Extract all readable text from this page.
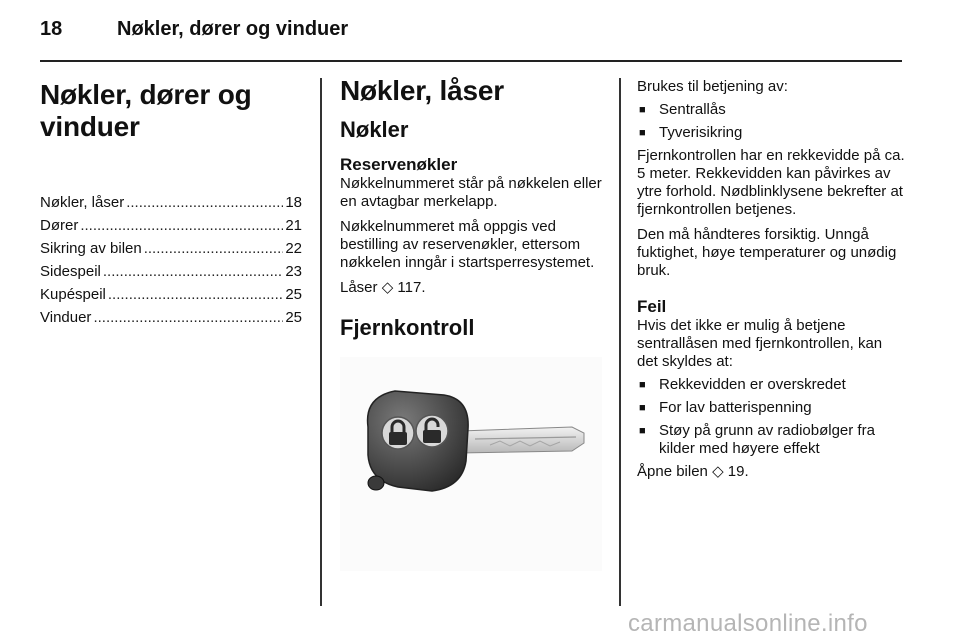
18	Nøkler, dører og vinduer
Nøkler, dører og vinduer
Nøkler, låser .....	18
Dører .....	21
Sikring av bilen .....	22
Sidespeil .....	23
Kupéspeil .....	25
Vinduer .....	25
Nøkler, låser
Nøkler
Reservenøkler

Nøkkelnummeret står på nøkkelen eller en avtagbar merkelapp.

Nøkkelnummeret må oppgis ved bestilling av reservenøkler, ettersom nøkkelen inngår i startsperresystemet.

Låser ◇ 117.

Fjernkontroll

Brukes til betjening av:

■ Sentrallås
■ Tyverisikring

Fjernkontrollen har en rekkevidde på ca. 5 meter. Rekkevidden kan påvirkes av ytre forhold. Nødblinklysene bekrefter at fjernkontrollen betjenes.

Den må håndteres forsiktig. Unngå fuktighet, høye temperaturer og unødig bruk.

Feil

Hvis det ikke er mulig å betjene sentrallåsen med fjernkontrollen, kan det skyldes at:

■ Rekkevidden er overskredet
■ For lav batterispenning
■ Støy på grunn av radiobølger fra kilder med høyere effekt

Åpne bilen ◇ 19.

carmanualsonline.info
